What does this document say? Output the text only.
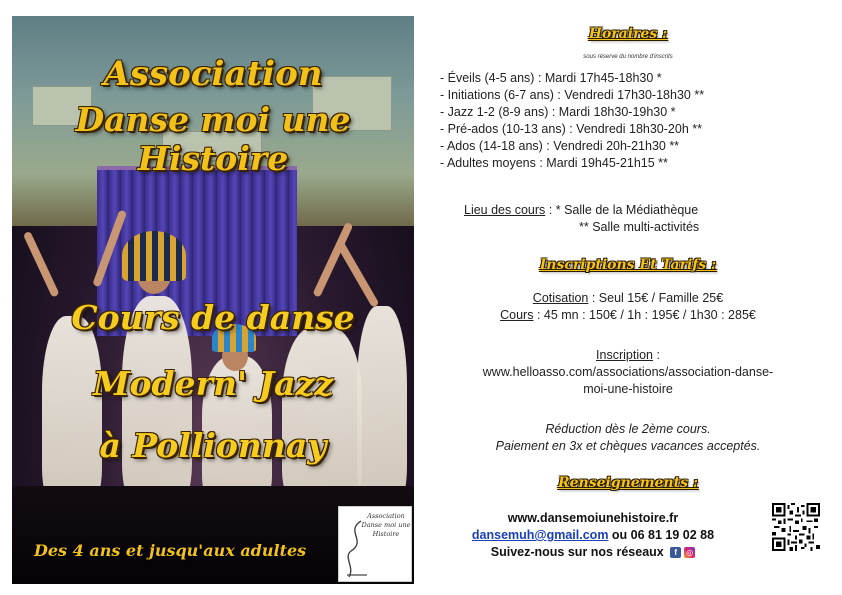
Association
Danse moi une Histoire
Cours de danse
Modern' Jazz
à Pollionnay
Des 4 ans et jusqu'aux adultes
Association Danse moi une Histoire
Horaires :
sous réserve du nombre d'inscrits
- Éveils (4-5 ans) : Mardi 17h45-18h30 *
- Initiations (6-7 ans) : Vendredi 17h30-18h30 **
- Jazz 1-2 (8-9 ans) : Mardi 18h30-19h30 *
- Pré-ados (10-13 ans) : Vendredi 18h30-20h **
- Ados (14-18 ans) : Vendredi 20h-21h30 **
- Adultes moyens : Mardi 19h45-21h15 **
Lieu des cours : * Salle de la Médiathèque
** Salle multi-activités
Inscriptions Et Tarifs :
Cotisation : Seul 15€ / Famille 25€
Cours : 45 mn : 150€ / 1h : 195€ / 1h30 : 285€
Inscription :
www.helloasso.com/associations/association-danse-
moi-une-histoire
Réduction dès le 2ème cours.
Paiement en 3x et chèques vacances acceptés.
Renseignements :
www.dansemoiunehistoire.fr
dansemuh@gmail.com ou 06 81 19 02 88
Suivez-nous sur nos réseaux f ◎
